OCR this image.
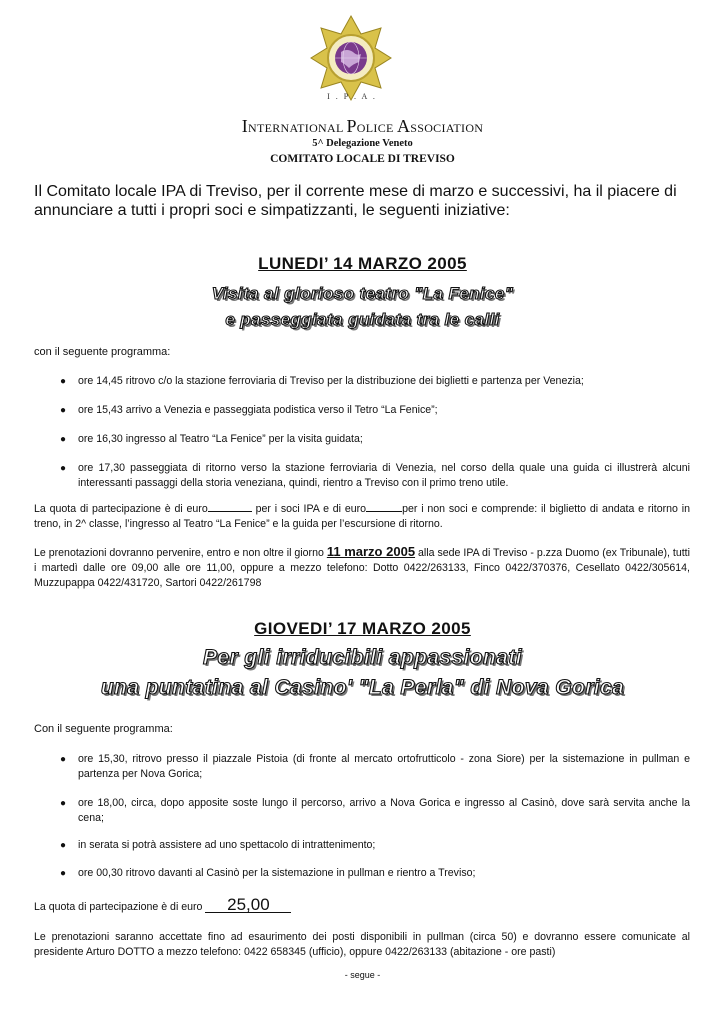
I . P . A .
INTERNATIONAL POLICE ASSOCIATION
5^ Delegazione Veneto
COMITATO LOCALE DI TREVISO
Il Comitato locale IPA di Treviso, per il corrente mese di marzo e successivi, ha il piacere di annunciare a tutti i propri soci e simpatizzanti, le seguenti iniziative:
LUNEDI’ 14 MARZO 2005
Visita al glorioso teatro "La Fenice"
e passeggiata guidata tra le calli
con il seguente programma:
● ore 14,45 ritrovo c/o la stazione ferroviaria di Treviso per la distribuzione dei biglietti e partenza per Venezia;
● ore 15,43 arrivo a Venezia e passeggiata podistica verso il Tetro “La Fenice”;
● ore 16,30 ingresso al Teatro “La Fenice” per la visita guidata;
● ore 17,30 passeggiata di ritorno verso la stazione ferroviaria di Venezia, nel corso della quale una guida ci illustrerà alcuni interessanti passaggi della storia veneziana, quindi, rientro a Treviso con il primo treno utile.
La quota di partecipazione è di euro	per i soci IPA e di euro	per i non soci e comprende: il biglietto di andata e ritorno in treno, in 2^ classe, l’ingresso al Teatro “La Fenice” e la guida per l’escursione di ritorno.
Le prenotazioni dovranno pervenire, entro e non oltre il giorno 11 marzo 2005 alla sede IPA di Treviso - p.zza Duomo (ex Tribunale), tutti i martedì dalle ore 09,00 alle ore 11,00, oppure a mezzo telefono: Dotto 0422/263133, Finco 0422/370376, Cesellato 0422/305614, Muzzupappa 0422/431720, Sartori 0422/261798
GIOVEDI’ 17 MARZO 2005
Per gli irriducibili appassionati
una puntatina al Casino' "La Perla" di Nova Gorica
Con il seguente programma:
● ore 15,30, ritrovo presso il piazzale Pistoia (di fronte al mercato ortofrutticolo - zona Siore) per la sistemazione in pullman e partenza per Nova Gorica;
● ore 18,00, circa, dopo apposite soste lungo il percorso, arrivo a Nova Gorica e ingresso al Casinò, dove sarà servita anche la cena;
● in serata si potrà assistere ad uno spettacolo di intrattenimento;
● ore 00,30 ritrovo davanti al Casinò per la sistemazione in pullman e rientro a Treviso;
La quota di partecipazione è di euro 25,00
Le prenotazioni saranno accettate fino ad esaurimento dei posti disponibili in pullman (circa 50) e dovranno essere comunicate al presidente Arturo DOTTO a mezzo telefono: 0422 658345 (ufficio), oppure 0422/263133 (abitazione - ore pasti)
- segue -
